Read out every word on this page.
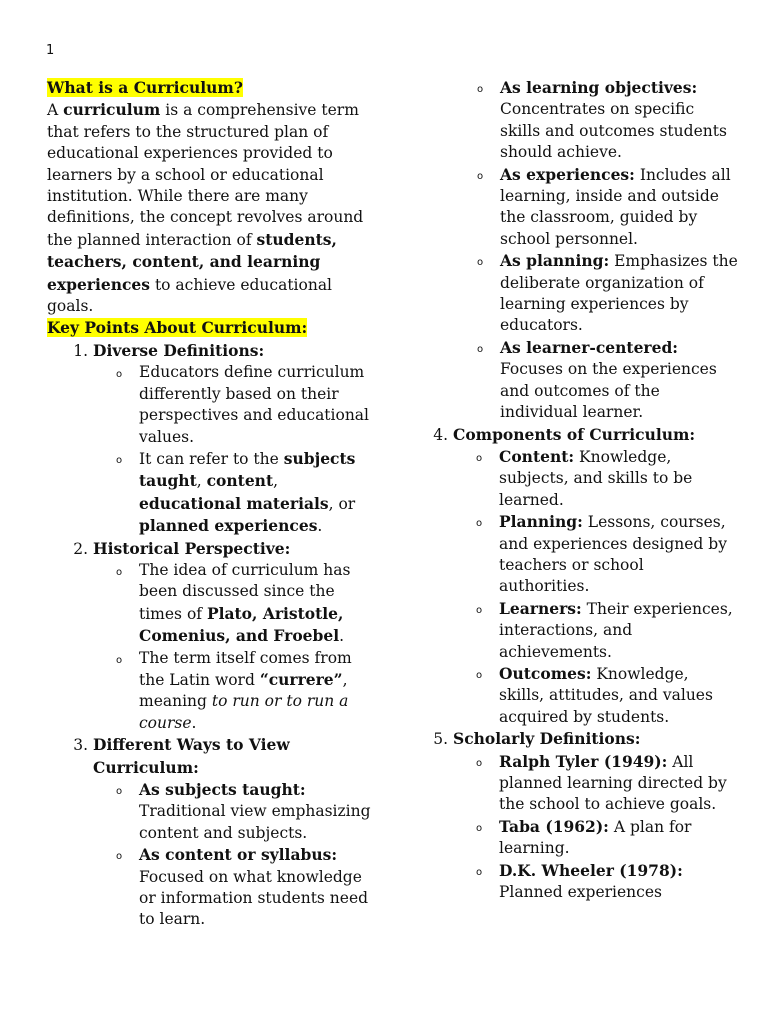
1

What is a Curriculum?

A curriculum is a comprehensive term that refers to the structured plan of educational experiences provided to learners by a school or educational institution. While there are many definitions, the concept revolves around the planned interaction of students, teachers, content, and learning experiences to achieve educational goals.

Key Points About Curriculum:

1. Diverse Definitions:
o Educators define curriculum differently based on their perspectives and educational values.
o It can refer to the subjects taught, content, educational materials, or planned experiences.
2. Historical Perspective:
o The idea of curriculum has been discussed since the times of Plato, Aristotle, Comenius, and Froebel.
o The term itself comes from the Latin word “currere”, meaning to run or to run a course.
3. Different Ways to View Curriculum:
o As subjects taught: Traditional view emphasizing content and subjects.
o As content or syllabus: Focused on what knowledge or information students need to learn.
o As learning objectives: Concentrates on specific skills and outcomes students should achieve.
o As experiences: Includes all learning, inside and outside the classroom, guided by school personnel.
o As planning: Emphasizes the deliberate organization of learning experiences by educators.
o As learner-centered: Focuses on the experiences and outcomes of the individual learner.
4. Components of Curriculum:
o Content: Knowledge, subjects, and skills to be learned.
o Planning: Lessons, courses, and experiences designed by teachers or school authorities.
o Learners: Their experiences, interactions, and achievements.
o Outcomes: Knowledge, skills, attitudes, and values acquired by students.
5. Scholarly Definitions:
o Ralph Tyler (1949): All planned learning directed by the school to achieve goals.
o Taba (1962): A plan for learning.
o D.K. Wheeler (1978): Planned experiences
